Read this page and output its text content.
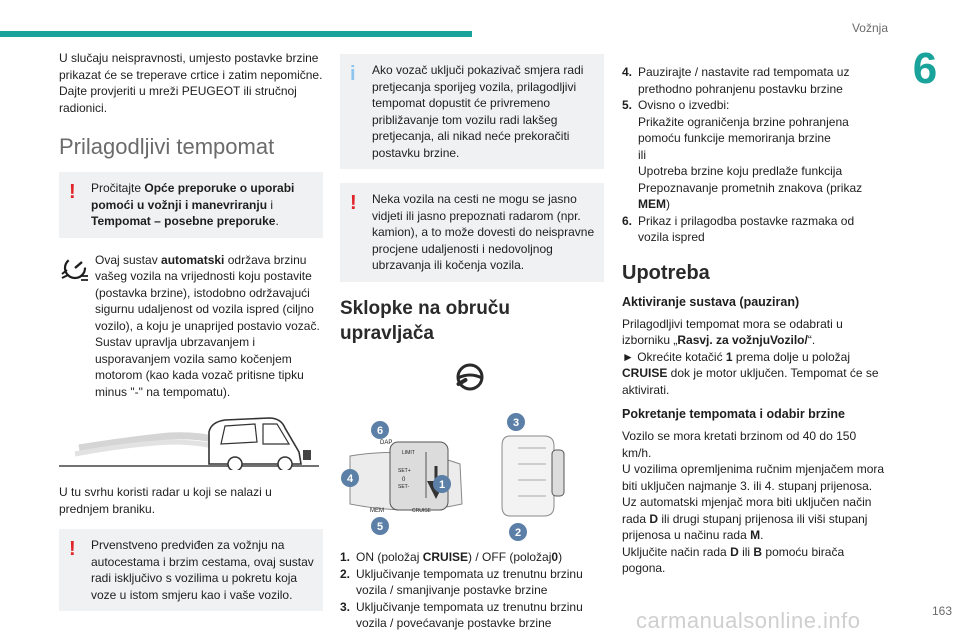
Vožnja
6
163

U slučaju neispravnosti, umjesto postavke brzine prikazat će se treperave crtice i zatim nepomične.

Dajte provjeriti u mreži PEUGEOT ili stručnoj radionici.

Prilagodljivi tempomat
!	Pročitajte Opće preporuke o uporabi pomoći u vožnji i manevriranju i Tempomat – posebne preporuke.
Ovaj sustav automatski održava brzinu vašeg vozila na vrijednosti koju postavite (postavka brzine), istodobno održavajući sigurnu udaljenost od vozila ispred (ciljno vozilo), a koju je unaprijed postavio vozač. Sustav upravlja ubrzavanjem i usporavanjem vozila samo kočenjem motorom (kao kada vozač pritisne tipku minus "-" na tempomatu).

U tu svrhu koristi radar u koji se nalazi u prednjem braniku.

!	Prvenstveno predviđen za vožnju na autocestama i brzim cestama, ovaj sustav radi isključivo s vozilima u pokretu koja voze u istom smjeru kao i vaše vozilo.
i	Ako vozač uključi pokazivač smjera radi pretjecanja sporijeg vozila, prilagodljivi tempomat dopustit će privremeno približavanje tom vozilu radi lakšeg pretjecanja, ali nikad neće prekoračiti postavku brzine.
!	Neka vozila na cesti ne mogu se jasno vidjeti ili jasno prepoznati radarom (npr. kamion), a to može dovesti do neispravne procjene udaljenosti i nedovoljnog ubrzavanja ili kočenja vozila.
Sklopke na obruču upravljača
DAP
LIMIT
CRUISE
SET+
SET-
MEM
0	1
2
3
4
5
6
1. ON (položaj CRUISE) / OFF (položaj0)
2. Uključivanje tempomata uz trenutnu brzinu vozila / smanjivanje postavke brzine
3. Uključivanje tempomata uz trenutnu brzinu vozila / povećavanje postavke brzine
4. Pauzirajte / nastavite rad tempomata uz prethodno pohranjenu postavku brzine
5. Ovisno o izvedbi:
Prikažite ograničenja brzine pohranjena pomoću funkcije memoriranja brzine
ili
Upotreba brzine koju predlaže funkcija Prepoznavanje prometnih znakova (prikaz MEM)
6. Prikaz i prilagodba postavke razmaka od vozila ispred
Upotreba
Aktiviranje sustava (pauziran)

Prilagodljivi tempomat mora se odabrati u izborniku „Rasvj. za vožnjuVozilo/“.

► Okrećite kotačić 1 prema dolje u položaj CRUISE dok je motor uključen. Tempomat će se aktivirati.

Pokretanje tempomata i odabir brzine

Vozilo se mora kretati brzinom od 40 do 150 km/h.

U vozilima opremljenima ručnim mjenjačem mora biti uključen najmanje 3. ili 4. stupanj prijenosa.

Uz automatski mjenjač mora biti uključen način rada D ili drugi stupanj prijenosa ili viši stupanj prijenosa u načinu rada M.

Uključite način rada D ili B pomoću birača pogona.

carmanualsonline.info
